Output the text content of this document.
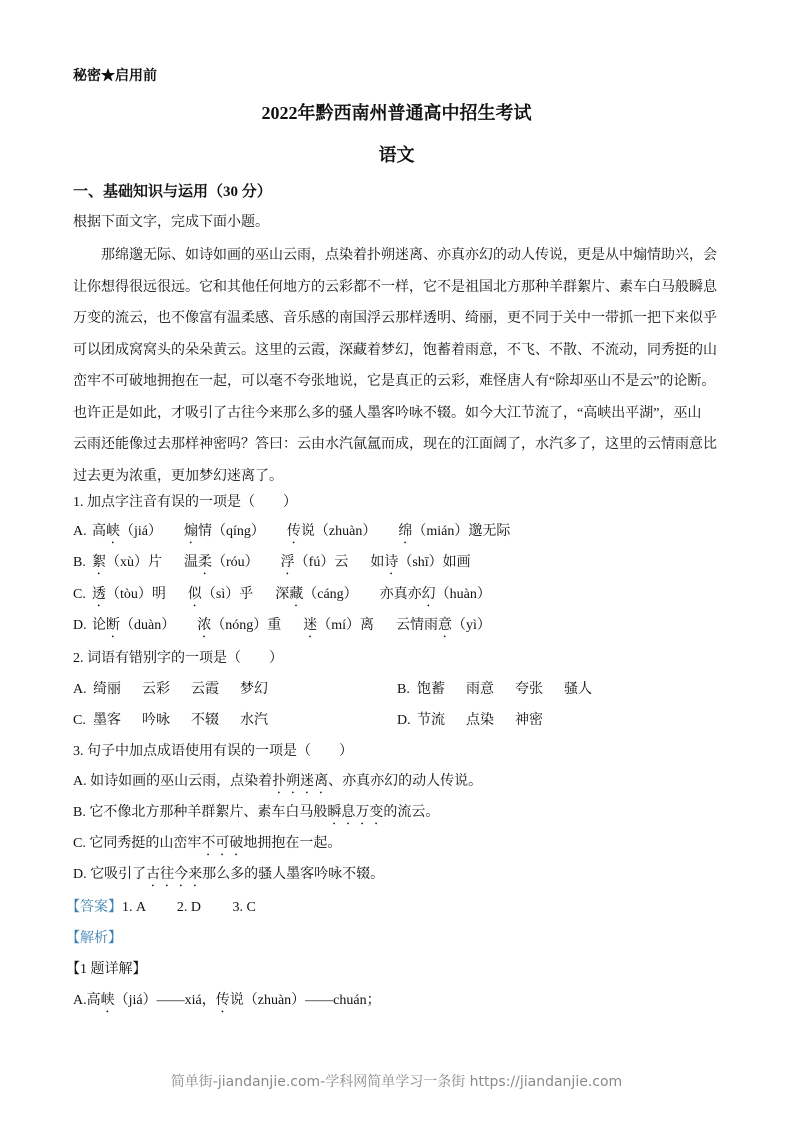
秘密★启用前
2022年黔西南州普通高中招生考试
语文
一、基础知识与运用（30 分）
根据下面文字，完成下面小题。
　　那绵邈无际、如诗如画的巫山云雨，点染着扑朔迷离、亦真亦幻的动人传说，更是从中煽情助兴，会
让你想得很远很远。它和其他任何地方的云彩都不一样，它不是祖国北方那种羊群絮片、素车白马般瞬息
万变的流云，也不像富有温柔感、音乐感的南国浮云那样透明、绮丽，更不同于关中一带抓一把下来似乎
可以团成窝窝头的朵朵黄云。这里的云霞，深藏着梦幻，饱蓄着雨意，不飞、不散、不流动，同秀挺的山
峦牢不可破地拥抱在一起，可以毫不夸张地说，它是真正的云彩，难怪唐人有“除却巫山不是云”的论断。
也许正是如此，才吸引了古往今来那么多的骚人墨客吟咏不辍。如今大江节流了，“高峡出平湖”，巫山
云雨还能像过去那样神密吗？答曰：云由水汽氤氲而成，现在的江面阔了，水汽多了，这里的云情雨意比
过去更为浓重，更加梦幻迷离了。
1. 加点字注音有误的一项是（　　）
A. 高峡（jiá） 煽情（qíng） 传说（zhuàn） 绵（mián）邈无际
B. 絮（xù）片 温柔（róu） 浮（fú）云 如诗（shī）如画
C. 透（tòu）明 似（sì）乎 深藏（cáng） 亦真亦幻（huàn）
D. 论断（duàn） 浓（nóng）重 迷（mí）离 云情雨意（yì）
2. 词语有错别字的一项是（　　）
A. 绮丽 云彩 云霞 梦幻	B. 饱蓄 雨意 夸张 骚人
C. 墨客 吟咏 不辍 水汽	D. 节流 点染 神密
3. 句子中加点成语使用有误的一项是（　　）
A. 如诗如画的巫山云雨，点染着扑朔迷离、亦真亦幻的动人传说。
B. 它不像北方那种羊群絮片、素车白马般瞬息万变的流云。
C. 它同秀挺的山峦牢不可破地拥抱在一起。
D. 它吸引了古往今来那么多的骚人墨客吟咏不辍。
【答案】1. A　　 2. D　　 3. C
【解析】
【1 题详解】
A.高峡（jiá）——xiá，传说（zhuàn）——chuán；
简单街-jiandanjie.com-学科网简单学习一条街 https://jiandanjie.com
